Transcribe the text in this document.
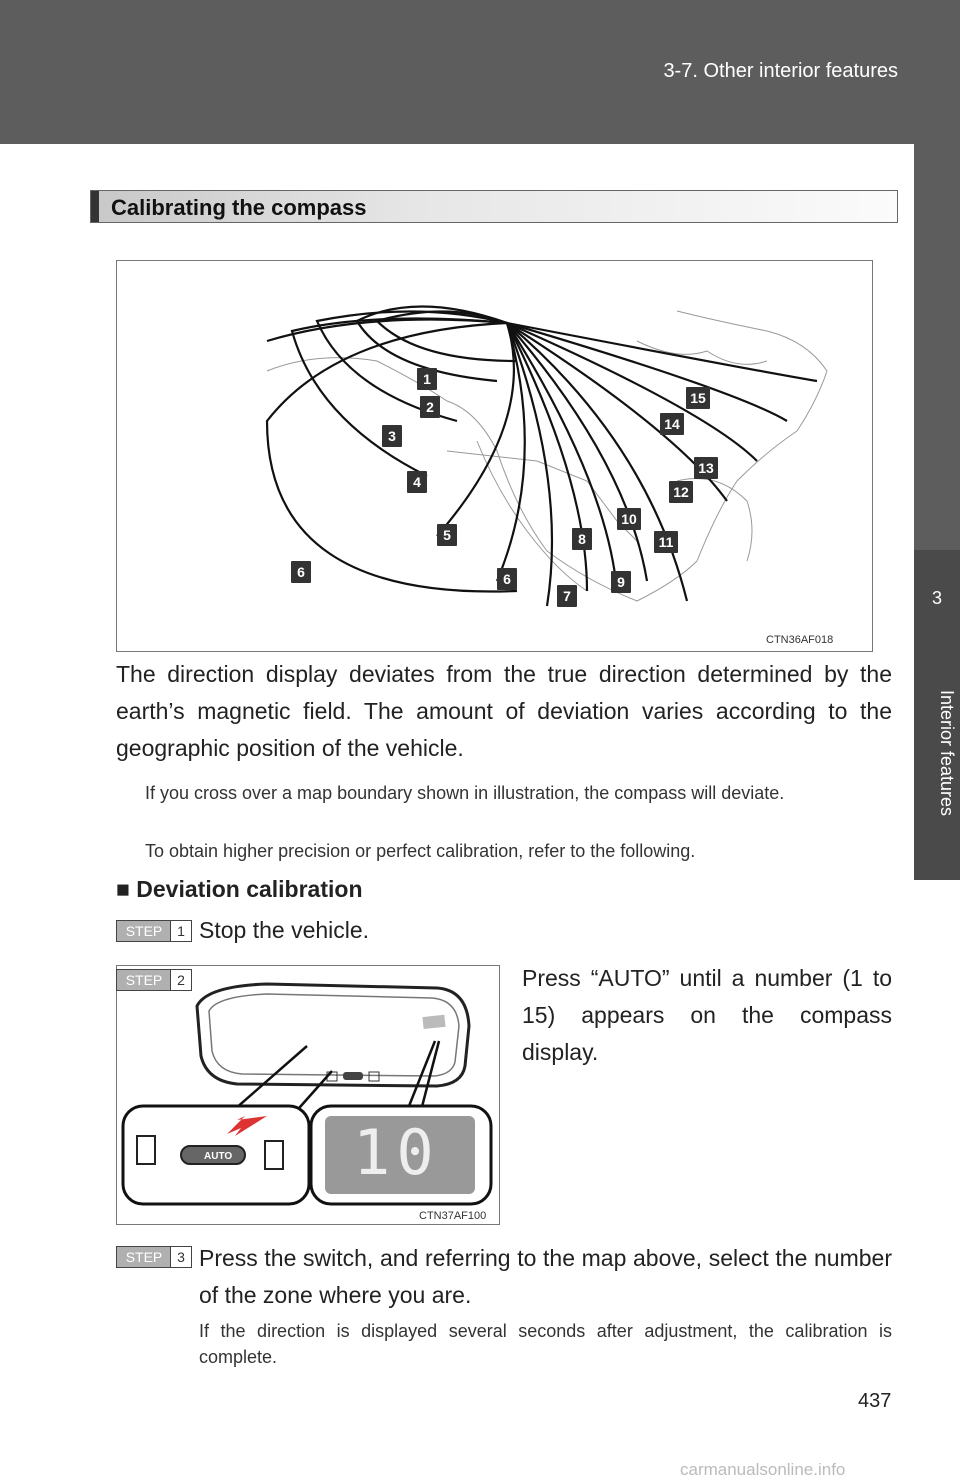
3-7. Other interior features
3
Interior features
Calibrating the compass
1
2
3
4
5
6	6
7
8
9
10
11
12
13
14
15
CTN36AF018
The direction display deviates from the true direction determined by the earth’s magnetic field. The amount of deviation varies according to the geographic position of the vehicle.
If you cross over a map boundary shown in illustration, the compass will deviate.
To obtain higher precision or perfect calibration, refer to the following.
■ Deviation calibration
STEP	1 Stop the vehicle.
AUTO 10
CTN37AF100
STEP	2	Press “AUTO” until a number (1 to 15) appears on the compass display.
STEP	3 Press the switch, and referring to the map above, select the number of the zone where you are.
If the direction is displayed several seconds after adjustment, the calibration is complete.
437
carmanualsonline.info
